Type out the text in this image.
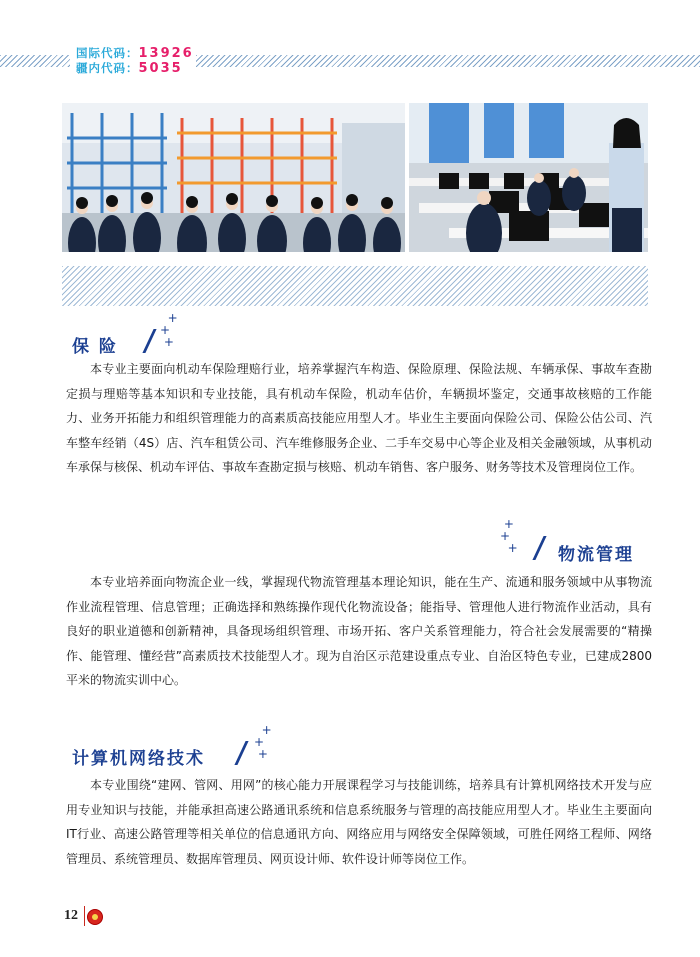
国际代码：13926
疆内代码：5035
保 险
+
+
+
本专业主要面向机动车保险理赔行业，培养掌握汽车构造、保险原理、保险法规、车辆承保、事故车查勘定损与理赔等基本知识和专业技能，具有机动车保险，机动车估价，车辆损坏鉴定，交通事故核赔的工作能力、业务开拓能力和组织管理能力的高素质高技能应用型人才。毕业生主要面向保险公司、保险公估公司、汽车整车经销（4S）店、汽车租赁公司、汽车维修服务企业、二手车交易中心等企业及相关金融领域，从事机动车承保与核保、机动车评估、事故车查勘定损与核赔、机动车销售、客户服务、财务等技术及管理岗位工作。
+
+
+ 物流管理
本专业培养面向物流企业一线，掌握现代物流管理基本理论知识，能在生产、流通和服务领域中从事物流作业流程管理、信息管理；正确选择和熟练操作现代化物流设备；能指导、管理他人进行物流作业活动，具有良好的职业道德和创新精神，具备现场组织管理、市场开拓、客户关系管理能力，符合社会发展需要的“精操作、能管理、懂经营”高素质技术技能型人才。现为自治区示范建设重点专业、自治区特色专业，已建成2800平米的物流实训中心。
计算机网络技术
+
+
+
本专业围绕“建网、管网、用网”的核心能力开展课程学习与技能训练，培养具有计算机网络技术开发与应用专业知识与技能，并能承担高速公路通讯系统和信息系统服务与管理的高技能应用型人才。毕业生主要面向IT行业、高速公路管理等相关单位的信息通讯方向、网络应用与网络安全保障领域，可胜任网络工程师、网络管理员、系统管理员、数据库管理员、网页设计师、软件设计师等岗位工作。
12
